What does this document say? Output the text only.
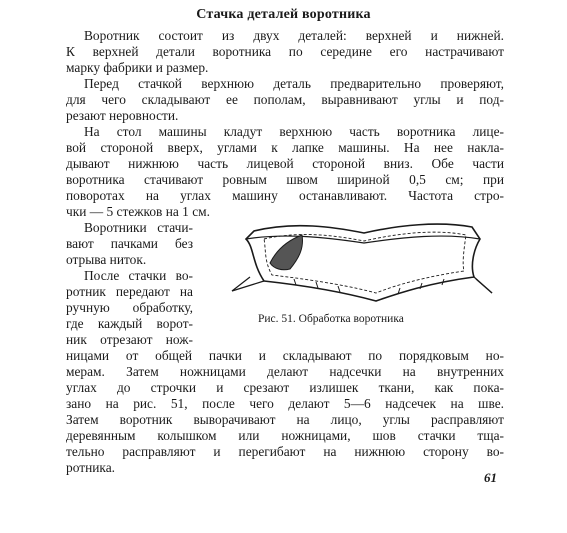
Стачка деталей воротника
Воротник состоит из двух деталей: верхней и нижней.
К верхней детали воротника по середине его настрачивают
марку фабрики и размер.
Перед стачкой верхнюю деталь предварительно проверяют,
для чего складывают ее пополам, выравнивают углы и под-
резают неровности.
На стол машины кладут верхнюю часть воротника лице-
вой стороной вверх, углами к лапке машины. На нее накла-
дывают нижнюю часть лицевой стороной вниз. Обе части
воротника стачивают ровным швом шириной 0,5 см; при
поворотах на углах машину останавливают. Частота стро-
чки — 5 стежков на 1 см.
Воротники стачи-
вают пачками без
отрыва ниток.
После стачки во-
ротник передают на
ручную обработку,
где каждый ворот-
ник отрезают нож-
ницами от общей пачки и складывают по порядковым но-
мерам. Затем ножницами делают надсечки на внутренних
углах до строчки и срезают излишек ткани, как пока-
зано на рис. 51, после чего делают 5—6 надсечек на шве.
Затем воротник выворачивают на лицо, углы расправляют
деревянным колышком или ножницами, шов стачки тща-
тельно расправляют и перегибают на нижнюю сторону во-
ротника.
Рис. 51. Обработка воротника
61
